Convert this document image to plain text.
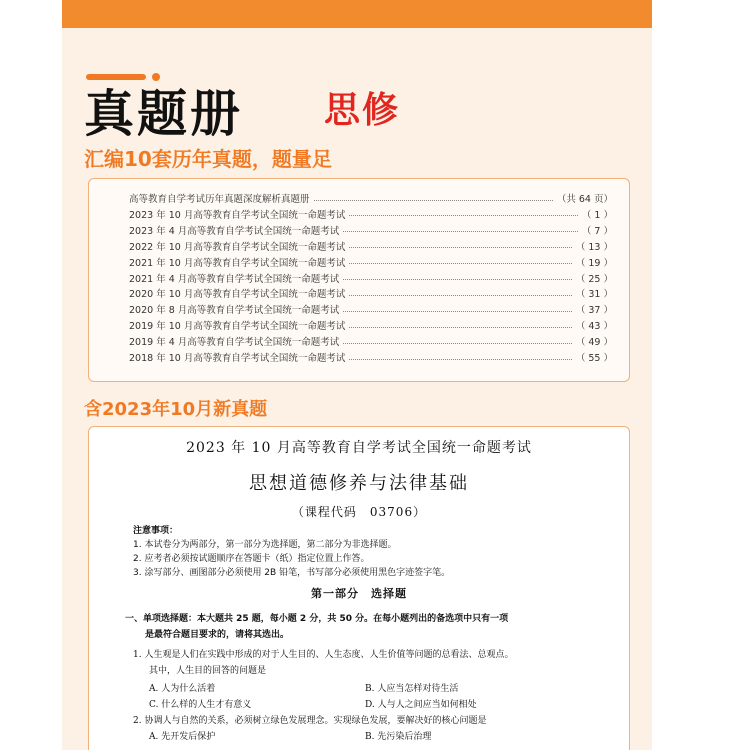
真题册 思修
汇编10套历年真题，题量足
高等教育自学考试历年真题深度解析真题册	（共 64 页）
2023 年 10 月高等教育自学考试全国统一命题考试	（ 1 ）
2023 年 4 月高等教育自学考试全国统一命题考试	（ 7 ）
2022 年 10 月高等教育自学考试全国统一命题考试	（ 13 ）
2021 年 10 月高等教育自学考试全国统一命题考试	（ 19 ）
2021 年 4 月高等教育自学考试全国统一命题考试	（ 25 ）
2020 年 10 月高等教育自学考试全国统一命题考试	（ 31 ）
2020 年 8 月高等教育自学考试全国统一命题考试	（ 37 ）
2019 年 10 月高等教育自学考试全国统一命题考试	（ 43 ）
2019 年 4 月高等教育自学考试全国统一命题考试	（ 49 ）
2018 年 10 月高等教育自学考试全国统一命题考试	（ 55 ）
含2023年10月新真题
2023 年 10 月高等教育自学考试全国统一命题考试
思想道德修养与法律基础
（课程代码　03706）
注意事项：
1. 本试卷分为两部分，第一部分为选择题，第二部分为非选择题。
2. 应考者必须按试题顺序在答题卡（纸）指定位置上作答。
3. 涂写部分、画图部分必须使用 2B 铅笔，书写部分必须使用黑色字迹签字笔。
第一部分　选择题
一、单项选择题：本大题共 25 题，每小题 2 分，共 50 分。在每小题列出的备选项中只有一项
是最符合题目要求的，请将其选出。
1. 人生观是人们在实践中形成的对于人生目的、人生态度、人生价值等问题的总看法、总观点。
其中，人生目的回答的问题是
A. 人为什么活着	B. 人应当怎样对待生活
C. 什么样的人生才有意义	D. 人与人之间应当如何相处
2. 协调人与自然的关系，必须树立绿色发展理念。实现绿色发展，要解决好的核心问题是
A. 先开发后保护	B. 先污染后治理
